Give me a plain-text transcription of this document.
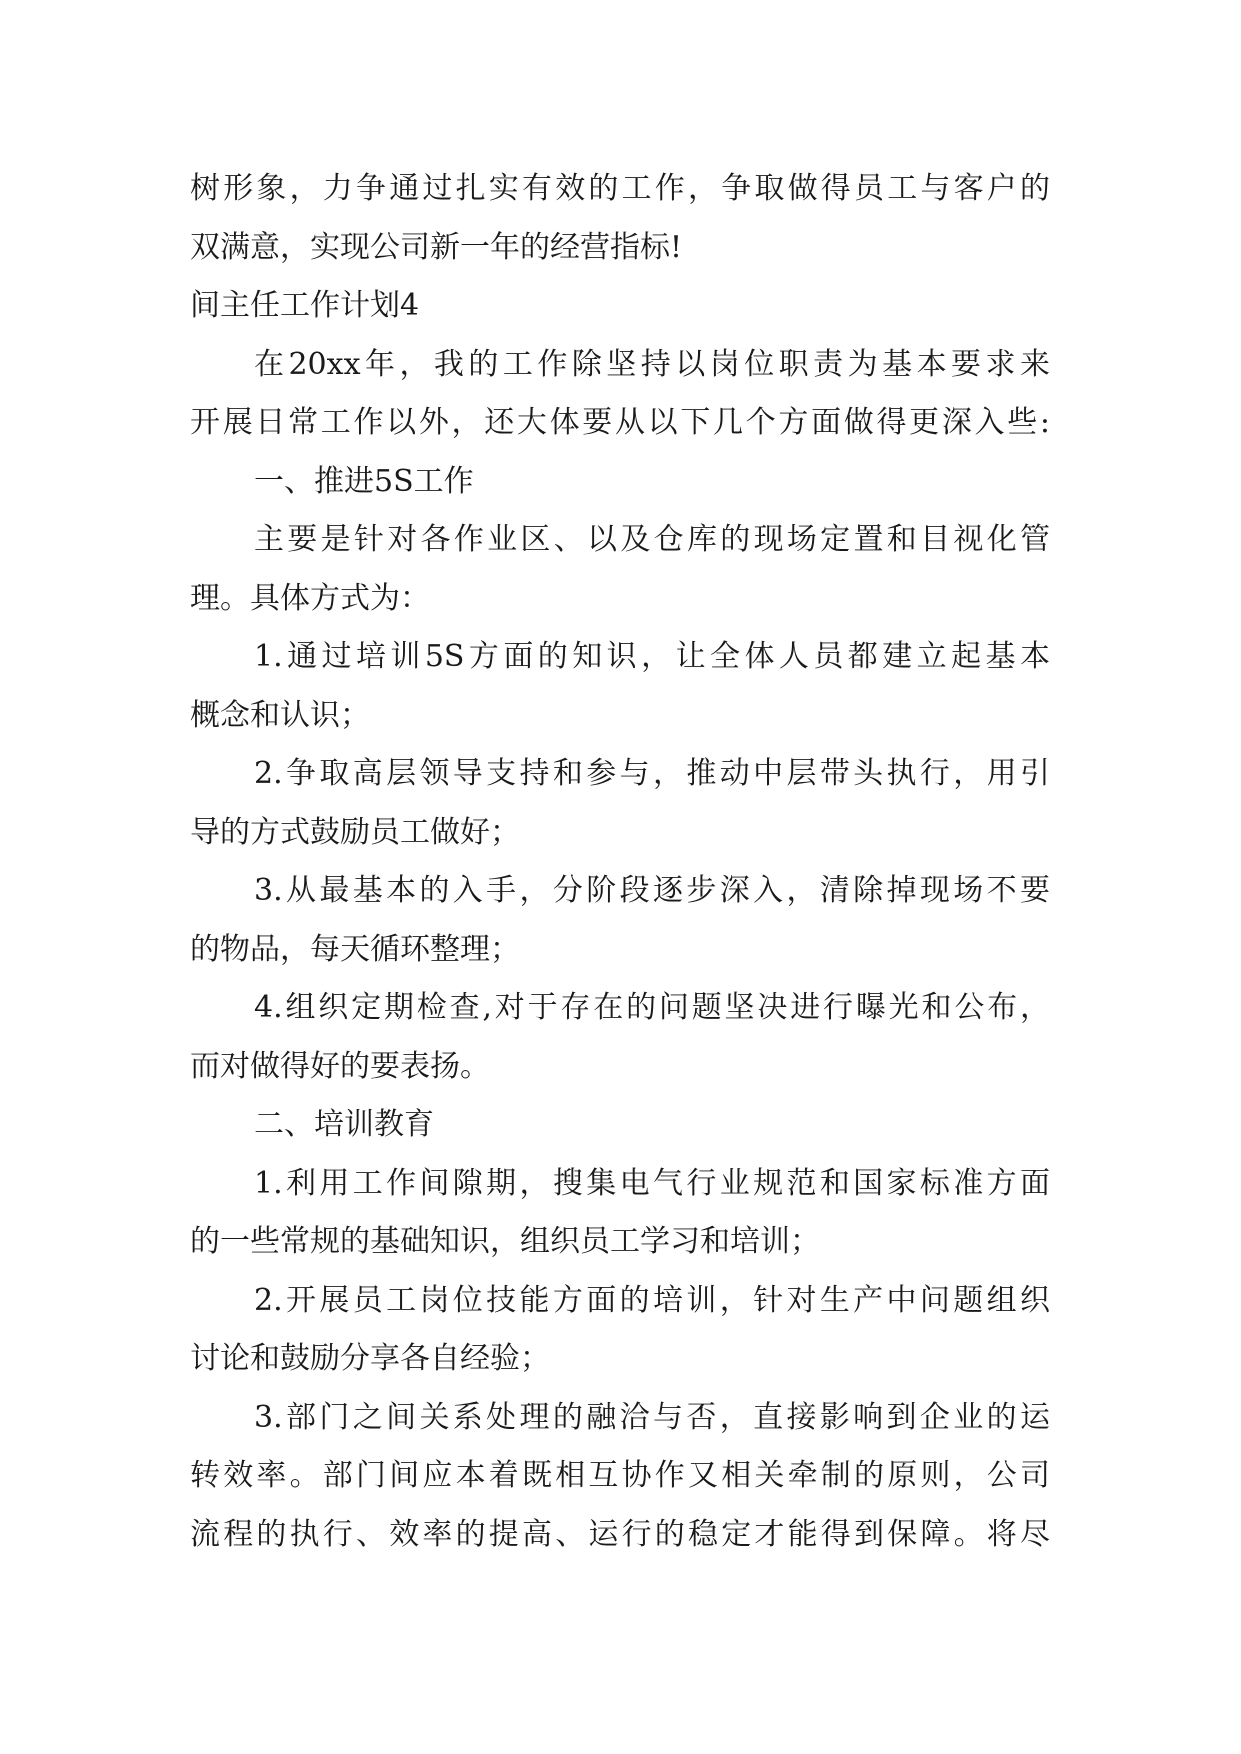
树形象，力争通过扎实有效的工作，争取做得员工与客户的
双满意，实现公司新一年的经营指标!
间主任工作计划4
在20xx年，我的工作除坚持以岗位职责为基本要求来
开展日常工作以外，还大体要从以下几个方面做得更深入些:
一、推进5S工作
主要是针对各作业区、以及仓库的现场定置和目视化管
理。具体方式为：
1.通过培训5S方面的知识，让全体人员都建立起基本
概念和认识；
2.争取高层领导支持和参与，推动中层带头执行，用引
导的方式鼓励员工做好；
3.从最基本的入手，分阶段逐步深入，清除掉现场不要
的物品，每天循环整理；
4.组织定期检查,对于存在的问题坚决进行曝光和公布，
而对做得好的要表扬。
二、培训教育
1.利用工作间隙期，搜集电气行业规范和国家标准方面
的一些常规的基础知识，组织员工学习和培训；
2.开展员工岗位技能方面的培训，针对生产中问题组织
讨论和鼓励分享各自经验；
3.部门之间关系处理的融洽与否，直接影响到企业的运
转效率。部门间应本着既相互协作又相关牵制的原则，公司
流程的执行、效率的提高、运行的稳定才能得到保障。将尽
